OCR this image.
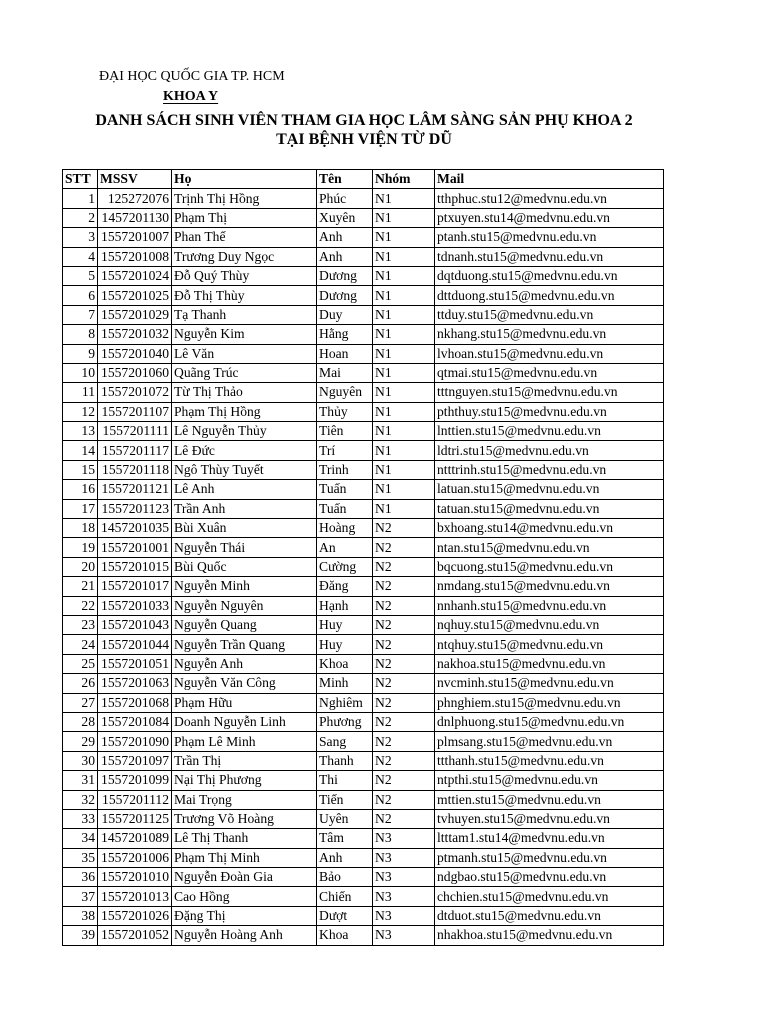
ĐẠI HỌC QUỐC GIA TP. HCM
KHOA Y
DANH SÁCH SINH VIÊN THAM GIA HỌC LÂM SÀNG SẢN PHỤ KHOA 2
TẠI BỆNH VIỆN TỪ DŨ
STT	MSSV	Họ	Tên	Nhóm	Mail
1	125272076	Trịnh Thị Hồng	Phúc	N1	tthphuc.stu12@medvnu.edu.vn
2	1457201130	Phạm Thị	Xuyên	N1	ptxuyen.stu14@medvnu.edu.vn
3	1557201007	Phan Thế	Anh	N1	ptanh.stu15@medvnu.edu.vn
4	1557201008	Trương Duy Ngọc	Anh	N1	tdnanh.stu15@medvnu.edu.vn
5	1557201024	Đỗ Quý Thùy	Dương	N1	dqtduong.stu15@medvnu.edu.vn
6	1557201025	Đỗ Thị Thùy	Dương	N1	dttduong.stu15@medvnu.edu.vn
7	1557201029	Tạ Thanh	Duy	N1	ttduy.stu15@medvnu.edu.vn
8	1557201032	Nguyễn Kim	Hằng	N1	nkhang.stu15@medvnu.edu.vn
9	1557201040	Lê Văn	Hoan	N1	lvhoan.stu15@medvnu.edu.vn
10	1557201060	Quãng Trúc	Mai	N1	qtmai.stu15@medvnu.edu.vn
11	1557201072	Từ Thị Thảo	Nguyên	N1	tttnguyen.stu15@medvnu.edu.vn
12	1557201107	Phạm Thị Hồng	Thủy	N1	pththuy.stu15@medvnu.edu.vn
13	1557201111	Lê Nguyễn Thủy	Tiên	N1	lnttien.stu15@medvnu.edu.vn
14	1557201117	Lê Đức	Trí	N1	ldtri.stu15@medvnu.edu.vn
15	1557201118	Ngô Thùy Tuyết	Trinh	N1	ntttrinh.stu15@medvnu.edu.vn
16	1557201121	Lê Anh	Tuấn	N1	latuan.stu15@medvnu.edu.vn
17	1557201123	Trần Anh	Tuấn	N1	tatuan.stu15@medvnu.edu.vn
18	1457201035	Bùi Xuân	Hoàng	N2	bxhoang.stu14@medvnu.edu.vn
19	1557201001	Nguyễn Thái	An	N2	ntan.stu15@medvnu.edu.vn
20	1557201015	Bùi Quốc	Cường	N2	bqcuong.stu15@medvnu.edu.vn
21	1557201017	Nguyễn Minh	Đăng	N2	nmdang.stu15@medvnu.edu.vn
22	1557201033	Nguyễn Nguyên	Hạnh	N2	nnhanh.stu15@medvnu.edu.vn
23	1557201043	Nguyễn Quang	Huy	N2	nqhuy.stu15@medvnu.edu.vn
24	1557201044	Nguyễn Trần Quang	Huy	N2	ntqhuy.stu15@medvnu.edu.vn
25	1557201051	Nguyễn Anh	Khoa	N2	nakhoa.stu15@medvnu.edu.vn
26	1557201063	Nguyễn Văn Công	Minh	N2	nvcminh.stu15@medvnu.edu.vn
27	1557201068	Phạm Hữu	Nghiêm	N2	phnghiem.stu15@medvnu.edu.vn
28	1557201084	Doanh Nguyễn Linh	Phương	N2	dnlphuong.stu15@medvnu.edu.vn
29	1557201090	Phạm Lê Minh	Sang	N2	plmsang.stu15@medvnu.edu.vn
30	1557201097	Trần Thị	Thanh	N2	ttthanh.stu15@medvnu.edu.vn
31	1557201099	Nại Thị Phương	Thi	N2	ntpthi.stu15@medvnu.edu.vn
32	1557201112	Mai Trọng	Tiến	N2	mttien.stu15@medvnu.edu.vn
33	1557201125	Trương Võ Hoàng	Uyên	N2	tvhuyen.stu15@medvnu.edu.vn
34	1457201089	Lê Thị Thanh	Tâm	N3	ltttam1.stu14@medvnu.edu.vn
35	1557201006	Phạm Thị Minh	Anh	N3	ptmanh.stu15@medvnu.edu.vn
36	1557201010	Nguyễn Đoàn Gia	Bảo	N3	ndgbao.stu15@medvnu.edu.vn
37	1557201013	Cao Hồng	Chiến	N3	chchien.stu15@medvnu.edu.vn
38	1557201026	Đặng Thị	Dượt	N3	dtduot.stu15@medvnu.edu.vn
39	1557201052	Nguyễn Hoàng Anh	Khoa	N3	nhakhoa.stu15@medvnu.edu.vn
